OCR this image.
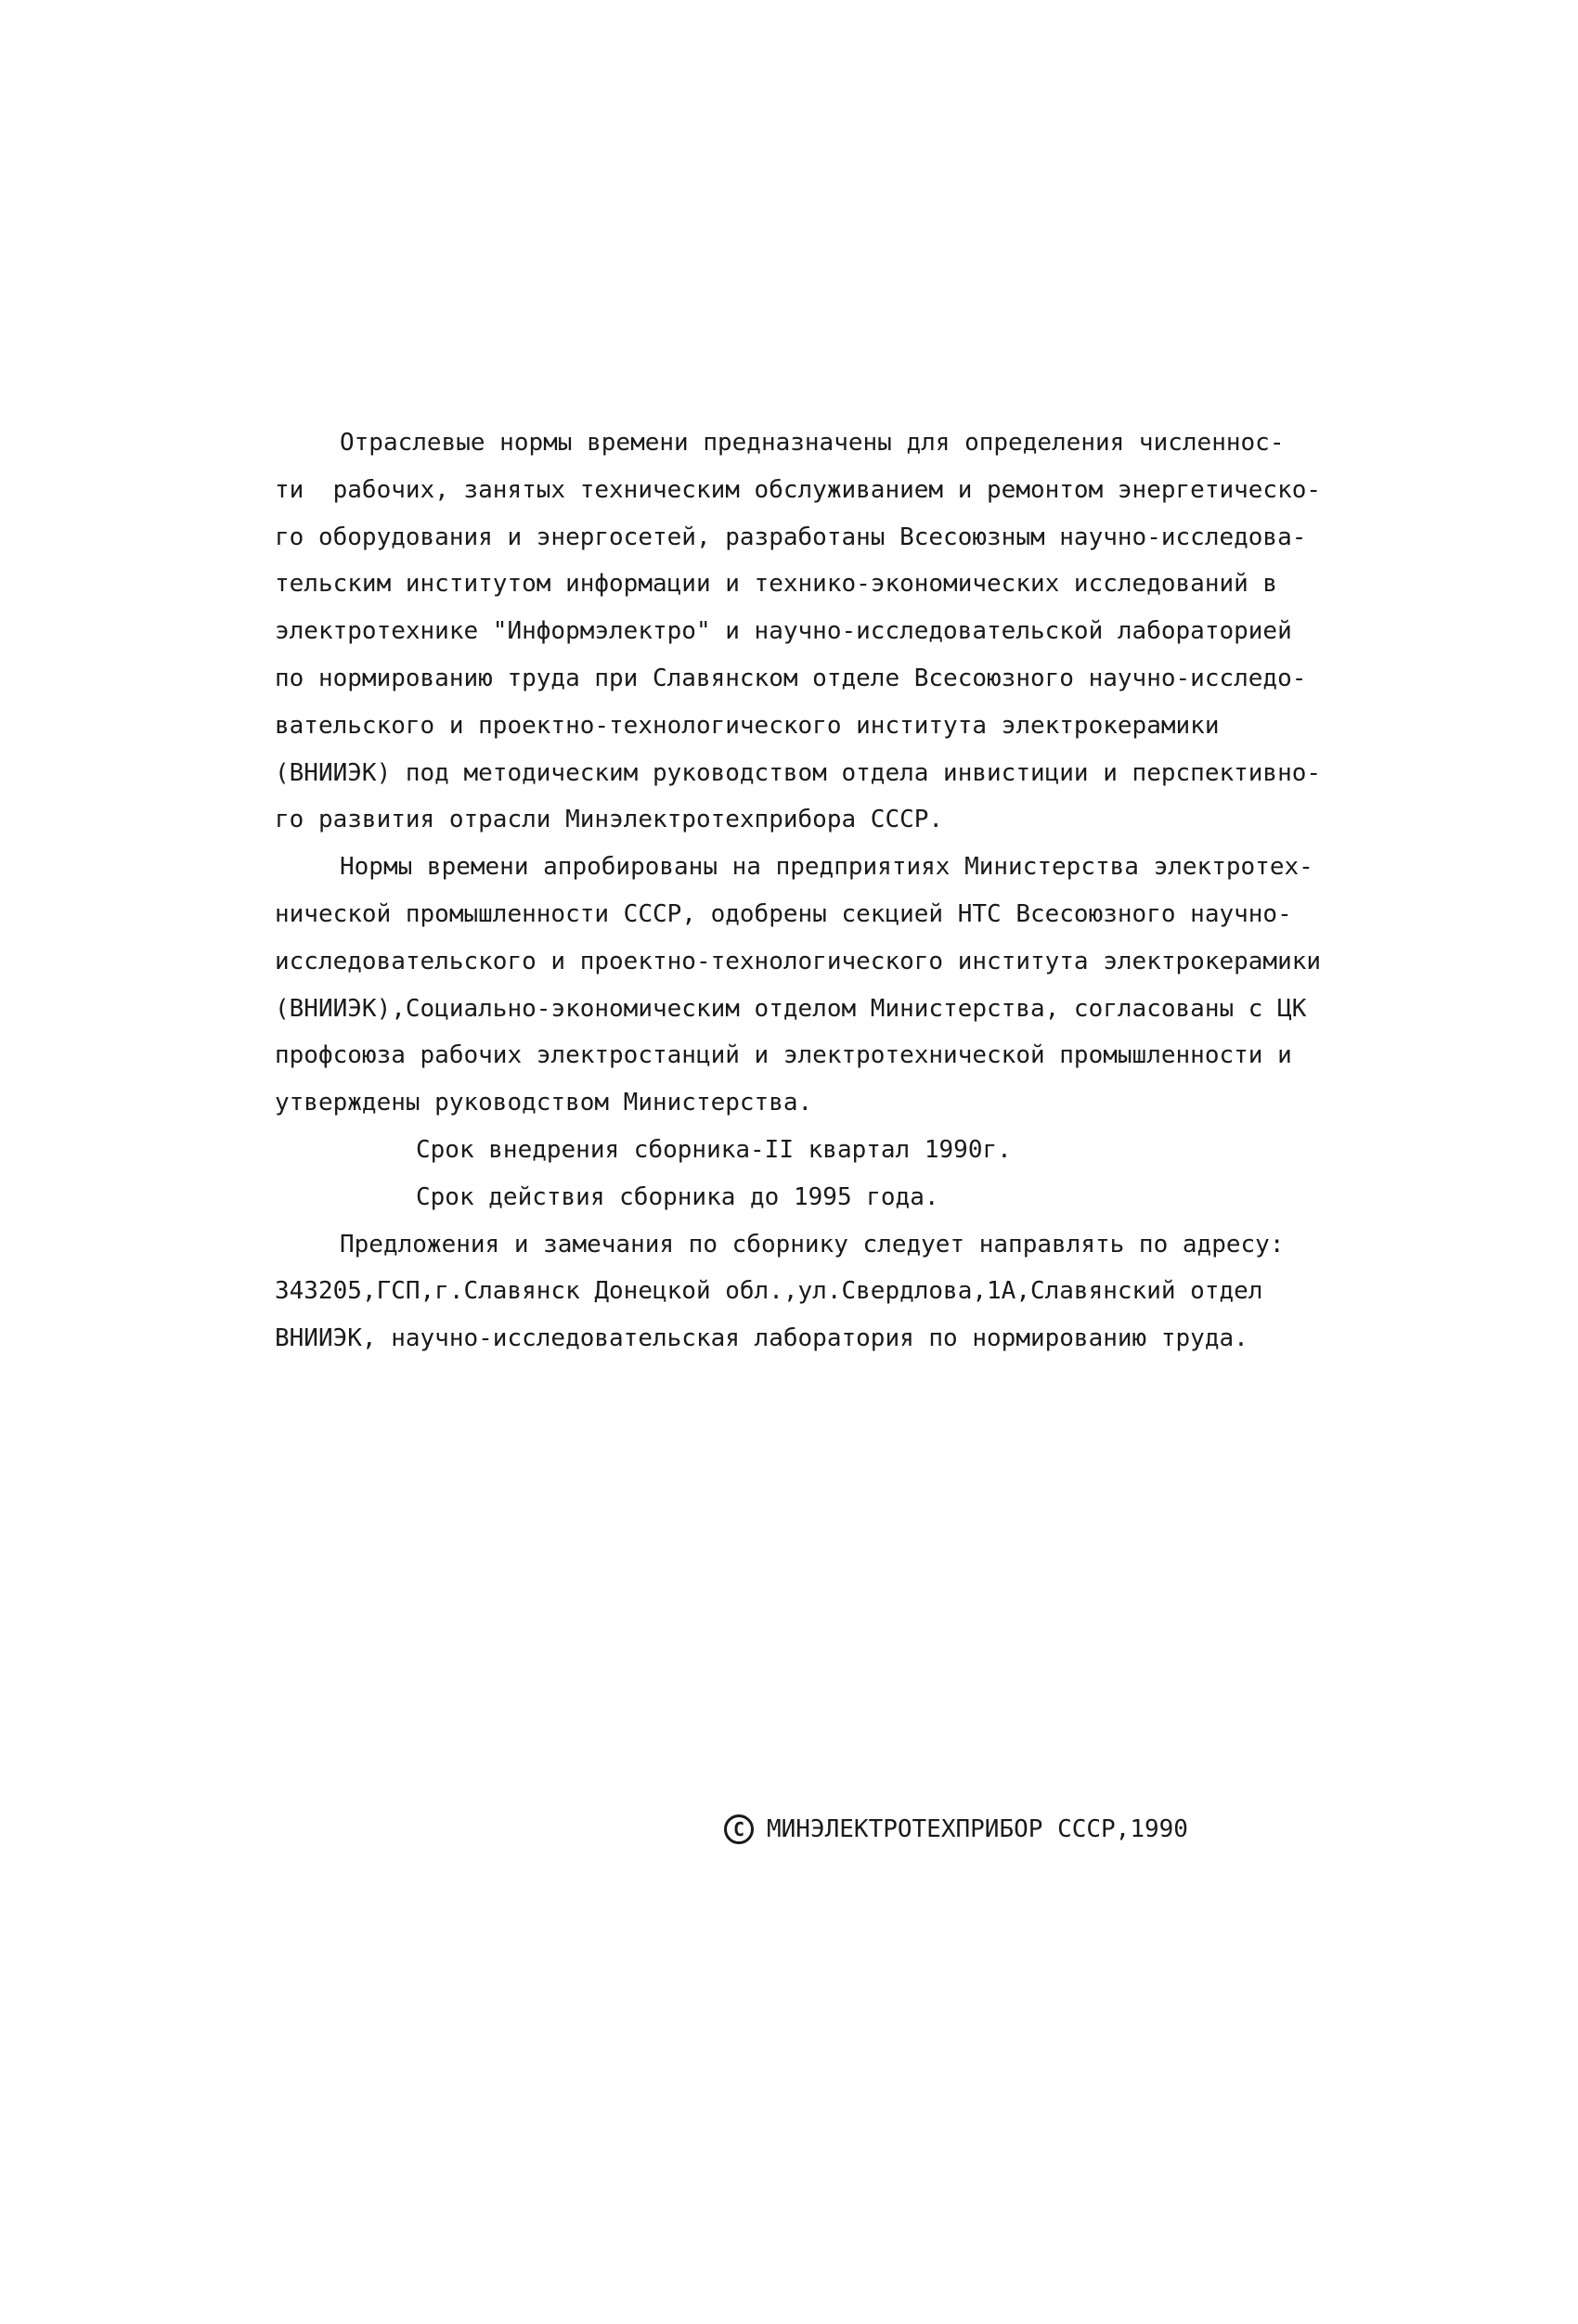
Отраслевые нормы времени предназначены для определения численнос-
ти  рабочих, занятых техническим обслуживанием и ремонтом энергетическо-
го оборудования и энергосетей, разработаны Всесоюзным научно-исследова-
тельским институтом информации и технико-экономических исследований в
электротехнике "Информэлектро" и научно-исследовательской лабораторией
по нормированию труда при Славянском отделе Всесоюзного научно-исследо-
вательского и проектно-технологического института электрокерамики
(ВНИИЭК) под методическим руководством отдела инвистиции и перспективно-
го развития отрасли Минэлектротехприбора СССР.
Нормы времени апробированы на предприятиях Министерства электротех-
нической промышленности СССР, одобрены секцией НТС Всесоюзного научно-
исследовательского и проектно-технологического института электрокерамики
(ВНИИЭК),Социально-экономическим отделом Министерства, согласованы с ЦК
профсоюза рабочих электростанций и электротехнической промышленности и
утверждены руководством Министерства.
Срок внедрения сборника-II квартал 1990г.
Срок действия сборника до 1995 года.
Предложения и замечания по сборнику следует направлять по адресу:
343205,ГСП,г.Славянск Донецкой обл.,ул.Свердлова,1А,Славянский отдел
ВНИИЭК, научно-исследовательская лаборатория по нормированию труда.
C МИНЭЛЕКТРОТЕХПРИБОР СССР,1990
